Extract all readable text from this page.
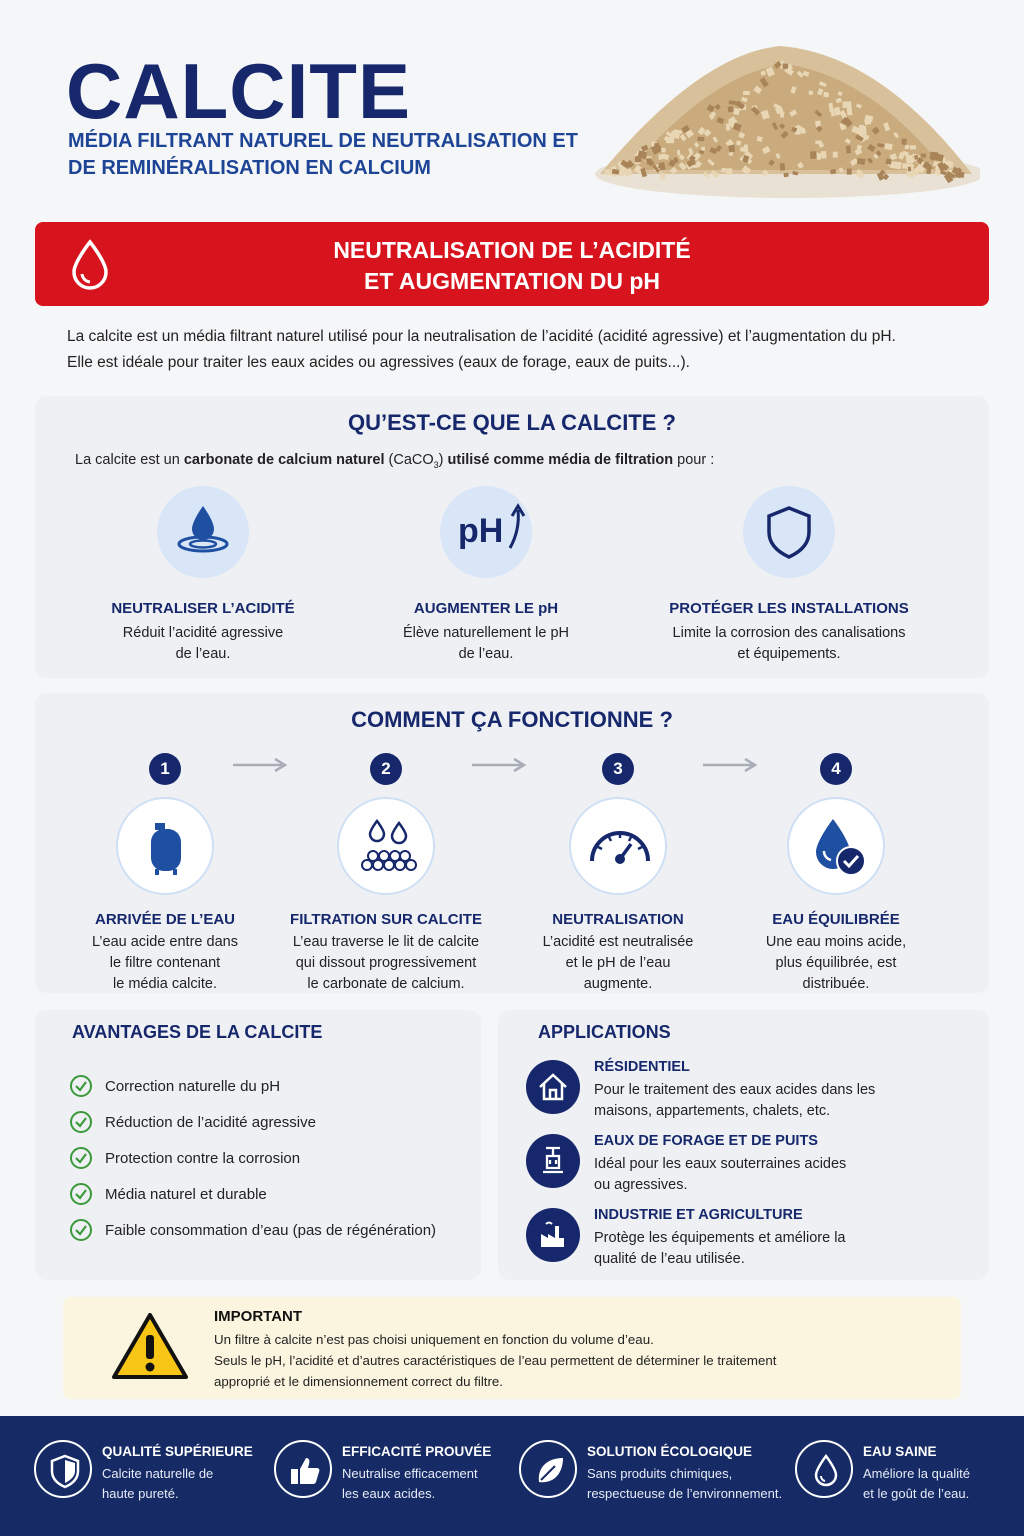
CALCITE
MÉDIA FILTRANT NATUREL DE NEUTRALISATION ET DE REMINÉRALISATION EN CALCIUM
NEUTRALISATION DE L’ACIDITÉ
ET AUGMENTATION DU pH
La calcite est un média filtrant naturel utilisé pour la neutralisation de l’acidité (acidité agressive) et l’augmentation du pH.
Elle est idéale pour traiter les eaux acides ou agressives (eaux de forage, eaux de puits...).
QU’EST-CE QUE LA CALCITE ?
La calcite est un carbonate de calcium naturel (CaCO$_3$) utilisé comme média de filtration pour :
NEUTRALISER L’ACIDITÉ
Réduit l’acidité agressive
de l’eau.
pH
AUGMENTER LE pH
Élève naturellement le pH
de l’eau.
PROTÉGER LES INSTALLATIONS
Limite la corrosion des canalisations
et équipements.
COMMENT ÇA FONCTIONNE ?
1
ARRIVÉE DE L’EAU
L’eau acide entre dans
le filtre contenant
le média calcite.
2
FILTRATION SUR CALCITE
L’eau traverse le lit de calcite
qui dissout progressivement
le carbonate de calcium.
3
NEUTRALISATION
L’acidité est neutralisée
et le pH de l’eau
augmente.
4
EAU ÉQUILIBRÉE
Une eau moins acide,
plus équilibrée, est
distribuée.
AVANTAGES DE LA CALCITE
Correction naturelle du pH
Réduction de l’acidité agressive
Protection contre la corrosion
Média naturel et durable
Faible consommation d’eau (pas de régénération)
APPLICATIONS
RÉSIDENTIEL
Pour le traitement des eaux acides dans les
maisons, appartements, chalets, etc.
EAUX DE FORAGE ET DE PUITS
Idéal pour les eaux souterraines acides
ou agressives.
INDUSTRIE ET AGRICULTURE
Protège les équipements et améliore la
qualité de l’eau utilisée.
IMPORTANT
Un filtre à calcite n’est pas choisi uniquement en fonction du volume d’eau.
Seuls le pH, l’acidité et d’autres caractéristiques de l’eau permettent de déterminer le traitement
approprié et le dimensionnement correct du filtre.
QUALITÉ SUPÉRIEURE
Calcite naturelle de
haute pureté.
EFFICACITÉ PROUVÉE
Neutralise efficacement
les eaux acides.
SOLUTION ÉCOLOGIQUE
Sans produits chimiques,
respectueuse de l’environnement.
EAU SAINE
Améliore la qualité
et le goût de l’eau.
